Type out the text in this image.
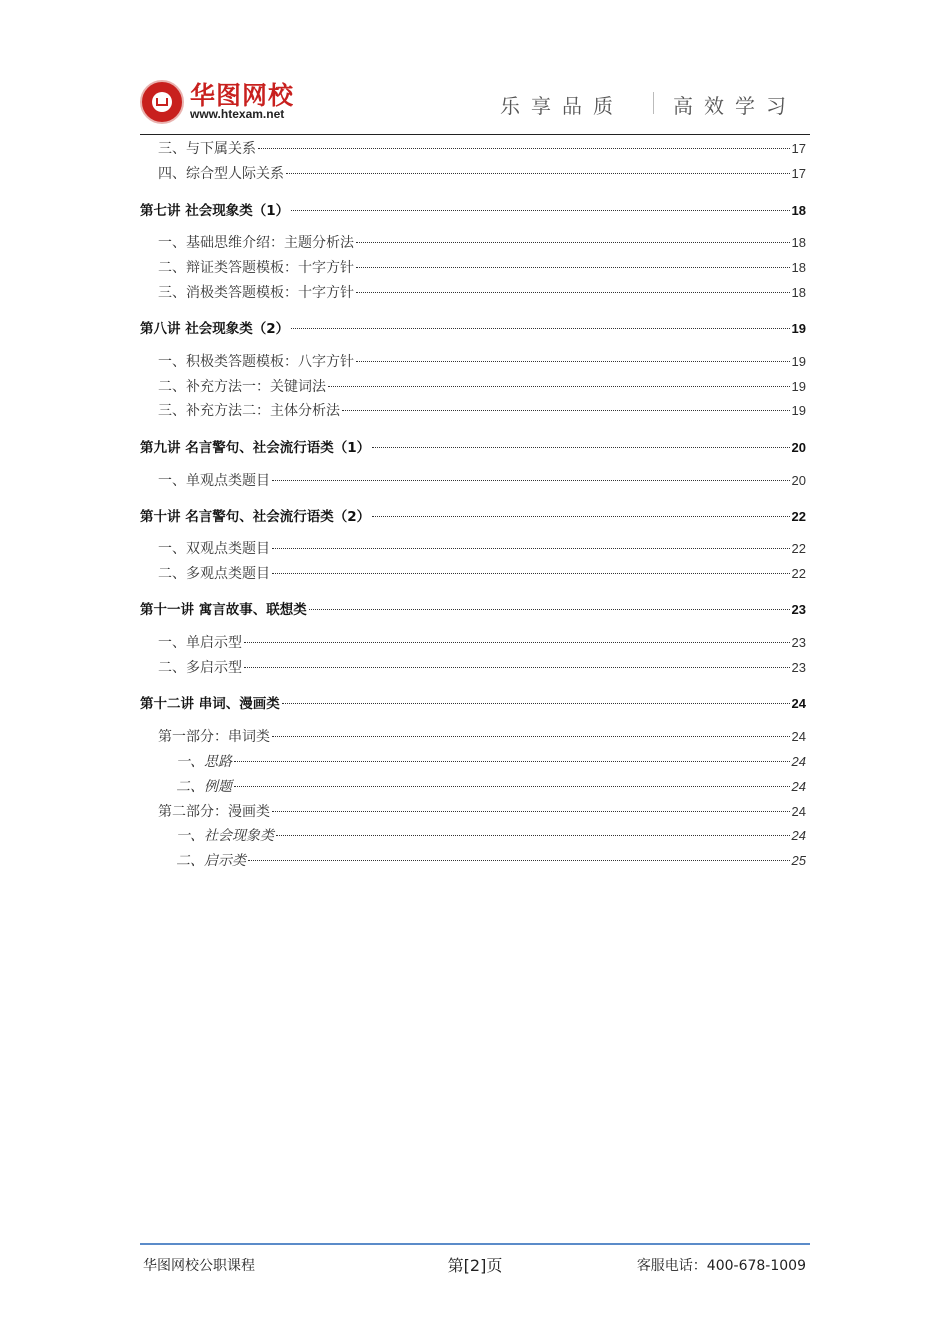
华图网校
www.htexam.net	乐享品质 高效学习
三、与下属关系	17
四、综合型人际关系	17
第七讲 社会现象类（1）	18
一、基础思维介绍：主题分析法	18
二、辩证类答题模板：十字方针	18
三、消极类答题模板：十字方针	18
第八讲 社会现象类（2）	19
一、积极类答题模板：八字方针	19
二、补充方法一：关键词法	19
三、补充方法二：主体分析法	19
第九讲 名言警句、社会流行语类（1）	20
一、单观点类题目	20
第十讲 名言警句、社会流行语类（2）	22
一、双观点类题目	22
二、多观点类题目	22
第十一讲 寓言故事、联想类	23
一、单启示型	23
二、多启示型	23
第十二讲 串词、漫画类	24
第一部分：串词类	24
一、思路	24
二、例题	24
第二部分：漫画类	24
一、社会现象类	24
二、启示类	25
华图网校公职课程	第[2]页	客服电话：400-678-1009
